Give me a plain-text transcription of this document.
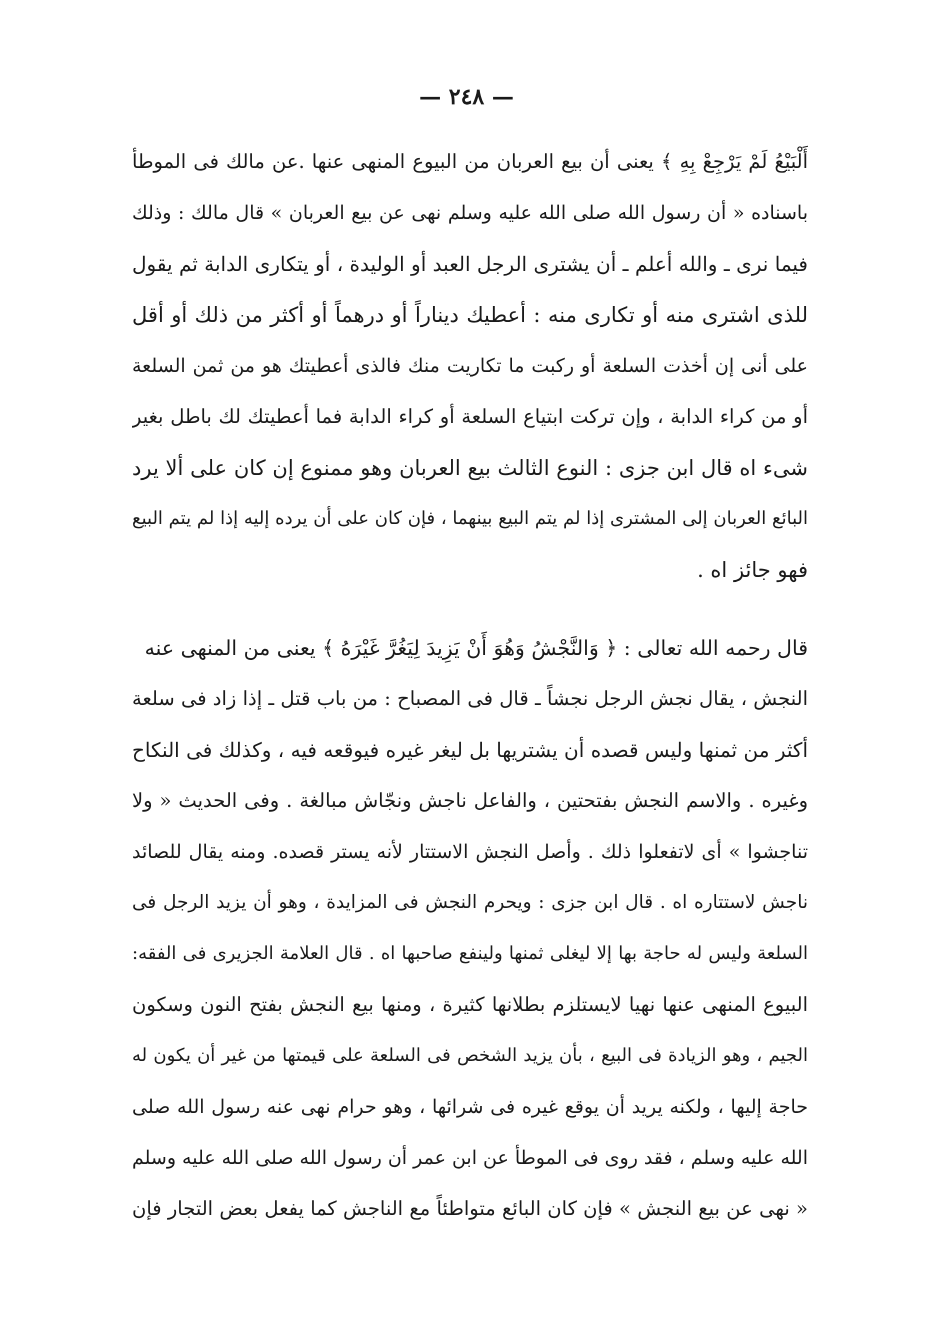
— ٢٤٨ —
أَلْبَيْعُ لَمْ يَرْجِعْ بِهِ ﴾ يعنى أن بيع العربان من البيوع المنهى عنها .عن مالك فى الموطأ
باسناده « أن رسول الله صلى الله عليه وسلم نهى عن بيع العربان » قال مالك : وذلك
فيما نرى ـ والله أعلم ـ أن يشترى الرجل العبد أو الوليدة ، أو يتكارى الدابة ثم يقول
للذى اشترى منه أو تكارى منه : أعطيك ديناراً أو درهماً أو أكثر من ذلك أو أقل
على أنى إن أخذت السلعة أو ركبت ما تكاريت منك فالذى أعطيتك هو من ثمن السلعة
أو من كراء الدابة ، وإن تركت ابتياع السلعة أو كراء الدابة فما أعطيتك لك باطل بغير
شىء اه قال ابن جزى : النوع الثالث بيع العربان وهو ممنوع إن كان على ألا يرد
البائع العربان إلى المشترى إذا لم يتم البيع بينهما ، فإن كان على أن يرده إليه إذا لم يتم البيع
فهو جائز اه .
قال رحمه الله تعالى : ﴿ وَالنَّجْشُ وَهُوَ أَنْ يَزِيدَ لِيَغُرَّ غَيْرَهُ ﴾ يعنى من المنهى عنه
النجش ، يقال نجش الرجل نجشاً ـ قال فى المصباح : من باب قتل ـ إذا زاد فى سلعة
أكثر من ثمنها وليس قصده أن يشتريها بل ليغر غيره فيوقعه فيه ، وكذلك فى النكاح
وغيره . والاسم النجش بفتحتين ، والفاعل ناجش ونجّاش مبالغة . وفى الحديث « ولا
تناجشوا » أى لاتفعلوا ذلك . وأصل النجش الاستتار لأنه يستر قصده. ومنه يقال للصائد
ناجش لاستتاره اه . قال ابن جزى : ويحرم النجش فى المزايدة ، وهو أن يزيد الرجل فى
السلعة وليس له حاجة بها إلا ليغلى ثمنها ولينفع صاحبها اه . قال العلامة الجزيرى فى الفقه:
البيوع المنهى عنها نهيا لايستلزم بطلانها كثيرة ، ومنها بيع النجش بفتح النون وسكون
الجيم ، وهو الزيادة فى البيع ، بأن يزيد الشخص فى السلعة على قيمتها من غير أن يكون له
حاجة إليها ، ولكنه يريد أن يوقع غيره فى شرائها ، وهو حرام نهى عنه رسول الله صلى
الله عليه وسلم ، فقد روى فى الموطأ عن ابن عمر أن رسول الله صلى الله عليه وسلم
« نهى عن بيع النجش » فإن كان البائع متواطئاً مع الناجش كما يفعل بعض التجار فإن
